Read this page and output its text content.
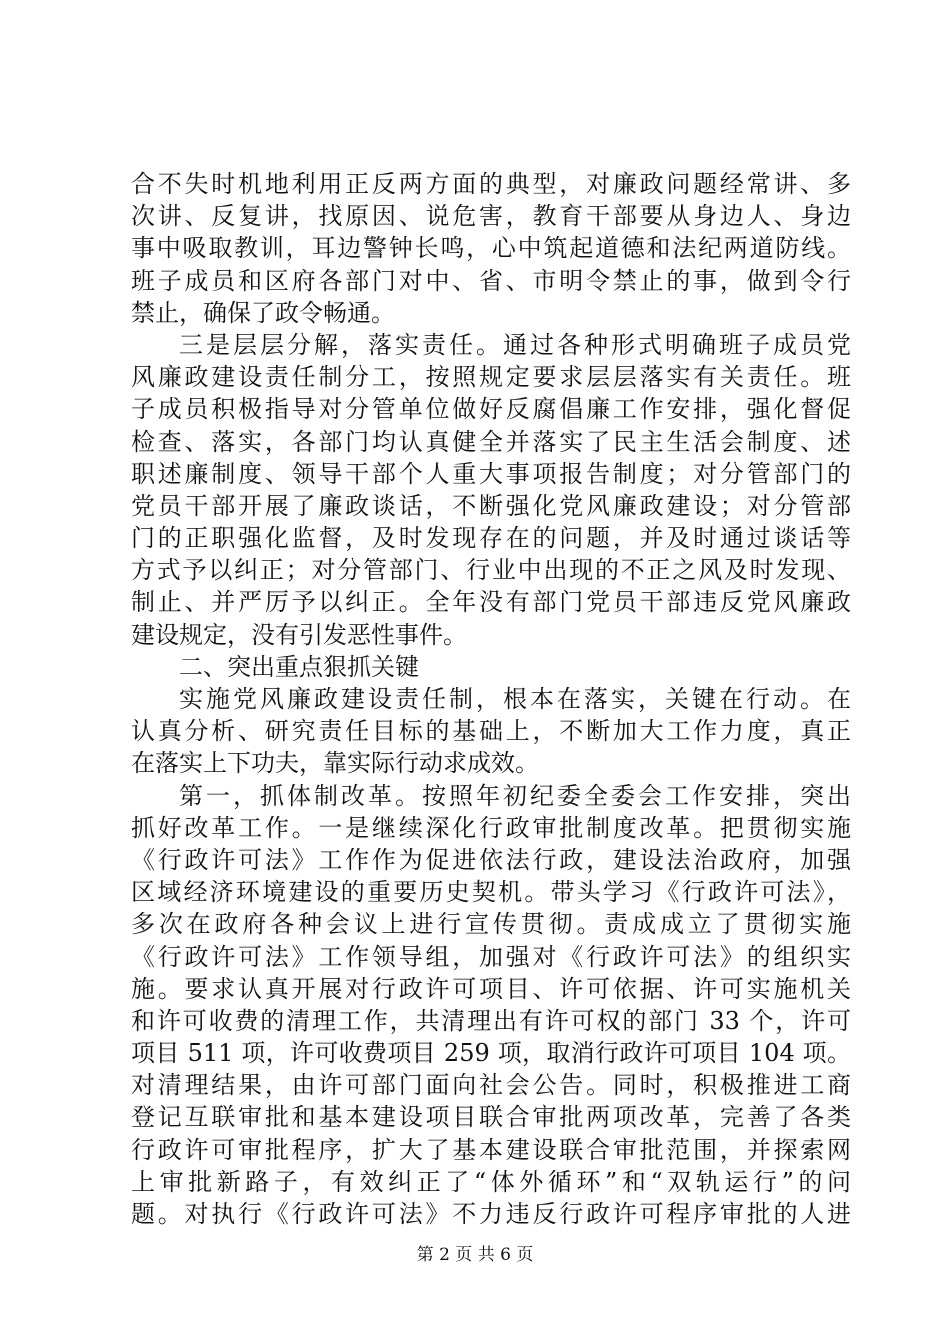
合不失时机地利用正反两方面的典型，对廉政问题经常讲、多
次讲、反复讲，找原因、说危害，教育干部要从身边人、身边
事中吸取教训，耳边警钟长鸣，心中筑起道德和法纪两道防线。
班子成员和区府各部门对中、省、市明令禁止的事，做到令行
禁止，确保了政令畅通。
三是层层分解，落实责任。通过各种形式明确班子成员党
风廉政建设责任制分工，按照规定要求层层落实有关责任。班
子成员积极指导对分管单位做好反腐倡廉工作安排，强化督促
检查、落实，各部门均认真健全并落实了民主生活会制度、述
职述廉制度、领导干部个人重大事项报告制度；对分管部门的
党员干部开展了廉政谈话，不断强化党风廉政建设；对分管部
门的正职强化监督，及时发现存在的问题，并及时通过谈话等
方式予以纠正；对分管部门、行业中出现的不正之风及时发现、
制止、并严厉予以纠正。全年没有部门党员干部违反党风廉政
建设规定，没有引发恶性事件。
二、突出重点狠抓关键
实施党风廉政建设责任制，根本在落实，关键在行动。在
认真分析、研究责任目标的基础上，不断加大工作力度，真正
在落实上下功夫，靠实际行动求成效。
第一，抓体制改革。按照年初纪委全委会工作安排，突出
抓好改革工作。一是继续深化行政审批制度改革。把贯彻实施
《行政许可法》工作作为促进依法行政，建设法治政府，加强
区域经济环境建设的重要历史契机。带头学习《行政许可法》，
多次在政府各种会议上进行宣传贯彻。责成成立了贯彻实施
《行政许可法》工作领导组，加强对《行政许可法》的组织实
施。要求认真开展对行政许可项目、许可依据、许可实施机关
和许可收费的清理工作，共清理出有许可权的部门 33 个，许可
项目 511 项，许可收费项目 259 项，取消行政许可项目 104 项。
对清理结果，由许可部门面向社会公告。同时，积极推进工商
登记互联审批和基本建设项目联合审批两项改革，完善了各类
行政许可审批程序，扩大了基本建设联合审批范围，并探索网
上审批新路子，有效纠正了“体外循环”和“双轨运行”的问
题。对执行《行政许可法》不力违反行政许可程序审批的人进
第 2 页 共 6 页
